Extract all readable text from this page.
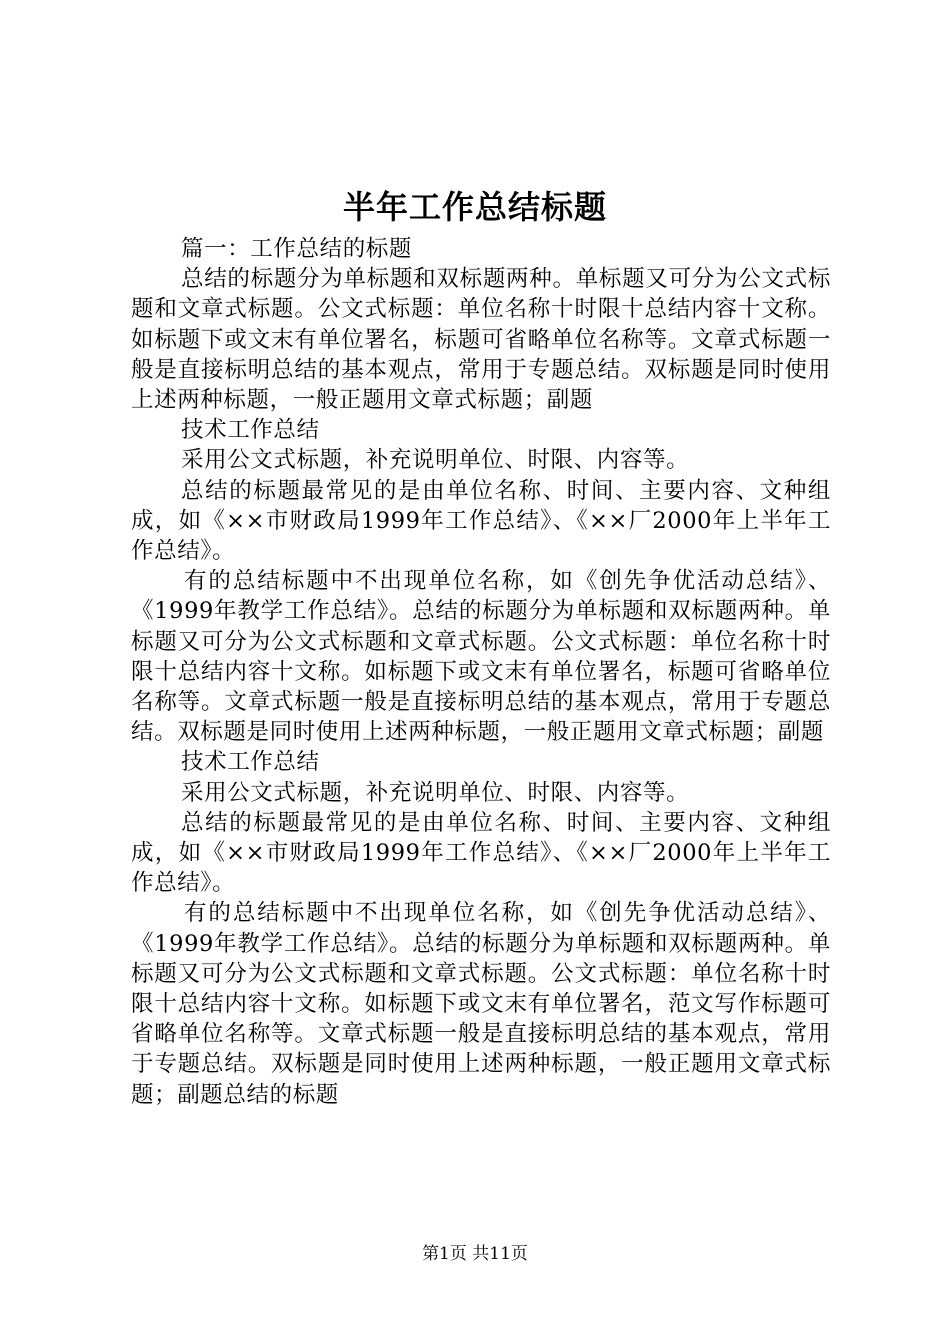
半年工作总结标题

篇一：工作总结的标题

总结的标题分为单标题和双标题两种。单标题又可分为公文式标题和文章式标题。公文式标题：单位名称十时限十总结内容十文称。如标题下或文末有单位署名，标题可省略单位名称等。文章式标题一般是直接标明总结的基本观点，常用于专题总结。双标题是同时使用上述两种标题，一般正题用文章式标题；副题

技术工作总结

采用公文式标题，补充说明单位、时限、内容等。

总结的标题最常见的是由单位名称、时间、主要内容、文种组成，如《××市财政局1999年工作总结》、《××厂2000年上半年工作总结》。

有的总结标题中不出现单位名称，如《创先争优活动总结》、《1999年教学工作总结》。总结的标题分为单标题和双标题两种。单标题又可分为公文式标题和文章式标题。公文式标题：单位名称十时限十总结内容十文称。如标题下或文末有单位署名，标题可省略单位名称等。文章式标题一般是直接标明总结的基本观点，常用于专题总结。双标题是同时使用上述两种标题，一般正题用文章式标题；副题

技术工作总结

采用公文式标题，补充说明单位、时限、内容等。

总结的标题最常见的是由单位名称、时间、主要内容、文种组成，如《××市财政局1999年工作总结》、《××厂2000年上半年工作总结》。

有的总结标题中不出现单位名称，如《创先争优活动总结》、《1999年教学工作总结》。总结的标题分为单标题和双标题两种。单标题又可分为公文式标题和文章式标题。公文式标题：单位名称十时限十总结内容十文称。如标题下或文末有单位署名，范文写作标题可省略单位名称等。文章式标题一般是直接标明总结的基本观点，常用于专题总结。双标题是同时使用上述两种标题，一般正题用文章式标题；副题总结的标题

第1页 共11页
